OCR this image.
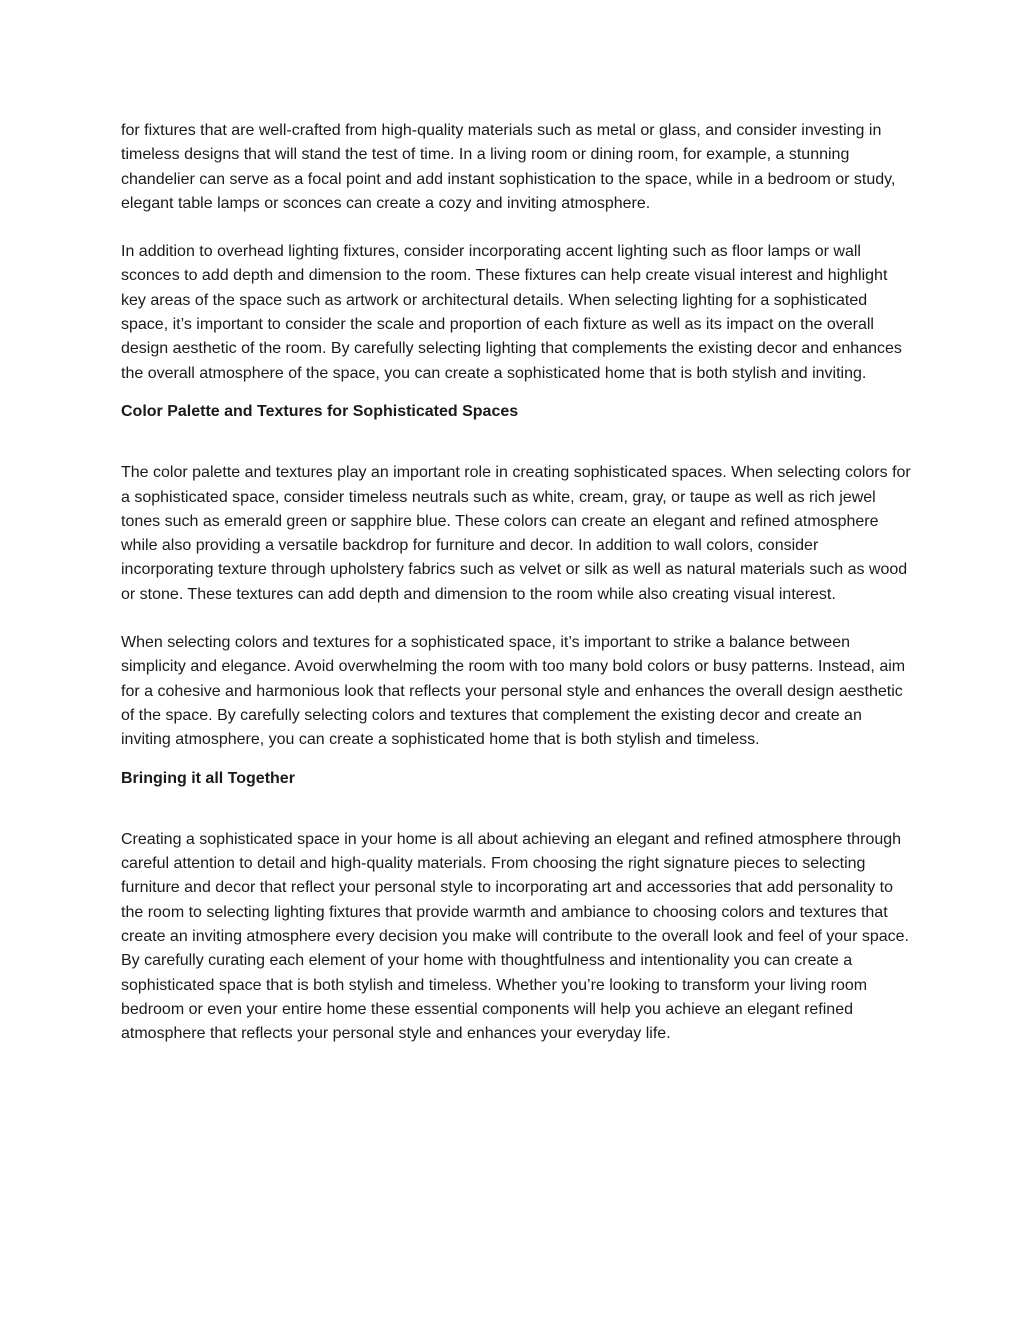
for fixtures that are well-crafted from high-quality materials such as metal or glass, and consider investing in timeless designs that will stand the test of time. In a living room or dining room, for example, a stunning chandelier can serve as a focal point and add instant sophistication to the space, while in a bedroom or study, elegant table lamps or sconces can create a cozy and inviting atmosphere.

In addition to overhead lighting fixtures, consider incorporating accent lighting such as floor lamps or wall sconces to add depth and dimension to the room. These fixtures can help create visual interest and highlight key areas of the space such as artwork or architectural details. When selecting lighting for a sophisticated space, it’s important to consider the scale and proportion of each fixture as well as its impact on the overall design aesthetic of the room. By carefully selecting lighting that complements the existing decor and enhances the overall atmosphere of the space, you can create a sophisticated home that is both stylish and inviting.

Color Palette and Textures for Sophisticated Spaces

The color palette and textures play an important role in creating sophisticated spaces. When selecting colors for a sophisticated space, consider timeless neutrals such as white, cream, gray, or taupe as well as rich jewel tones such as emerald green or sapphire blue. These colors can create an elegant and refined atmosphere while also providing a versatile backdrop for furniture and decor. In addition to wall colors, consider incorporating texture through upholstery fabrics such as velvet or silk as well as natural materials such as wood or stone. These textures can add depth and dimension to the room while also creating visual interest.

When selecting colors and textures for a sophisticated space, it’s important to strike a balance between simplicity and elegance. Avoid overwhelming the room with too many bold colors or busy patterns. Instead, aim for a cohesive and harmonious look that reflects your personal style and enhances the overall design aesthetic of the space. By carefully selecting colors and textures that complement the existing decor and create an inviting atmosphere, you can create a sophisticated home that is both stylish and timeless.

Bringing it all Together

Creating a sophisticated space in your home is all about achieving an elegant and refined atmosphere through careful attention to detail and high-quality materials. From choosing the right signature pieces to selecting furniture and decor that reflect your personal style to incorporating art and accessories that add personality to the room to selecting lighting fixtures that provide warmth and ambiance to choosing colors and textures that create an inviting atmosphere every decision you make will contribute to the overall look and feel of your space. By carefully curating each element of your home with thoughtfulness and intentionality you can create a sophisticated space that is both stylish and timeless. Whether you’re looking to transform your living room bedroom or even your entire home these essential components will help you achieve an elegant refined atmosphere that reflects your personal style and enhances your everyday life.
